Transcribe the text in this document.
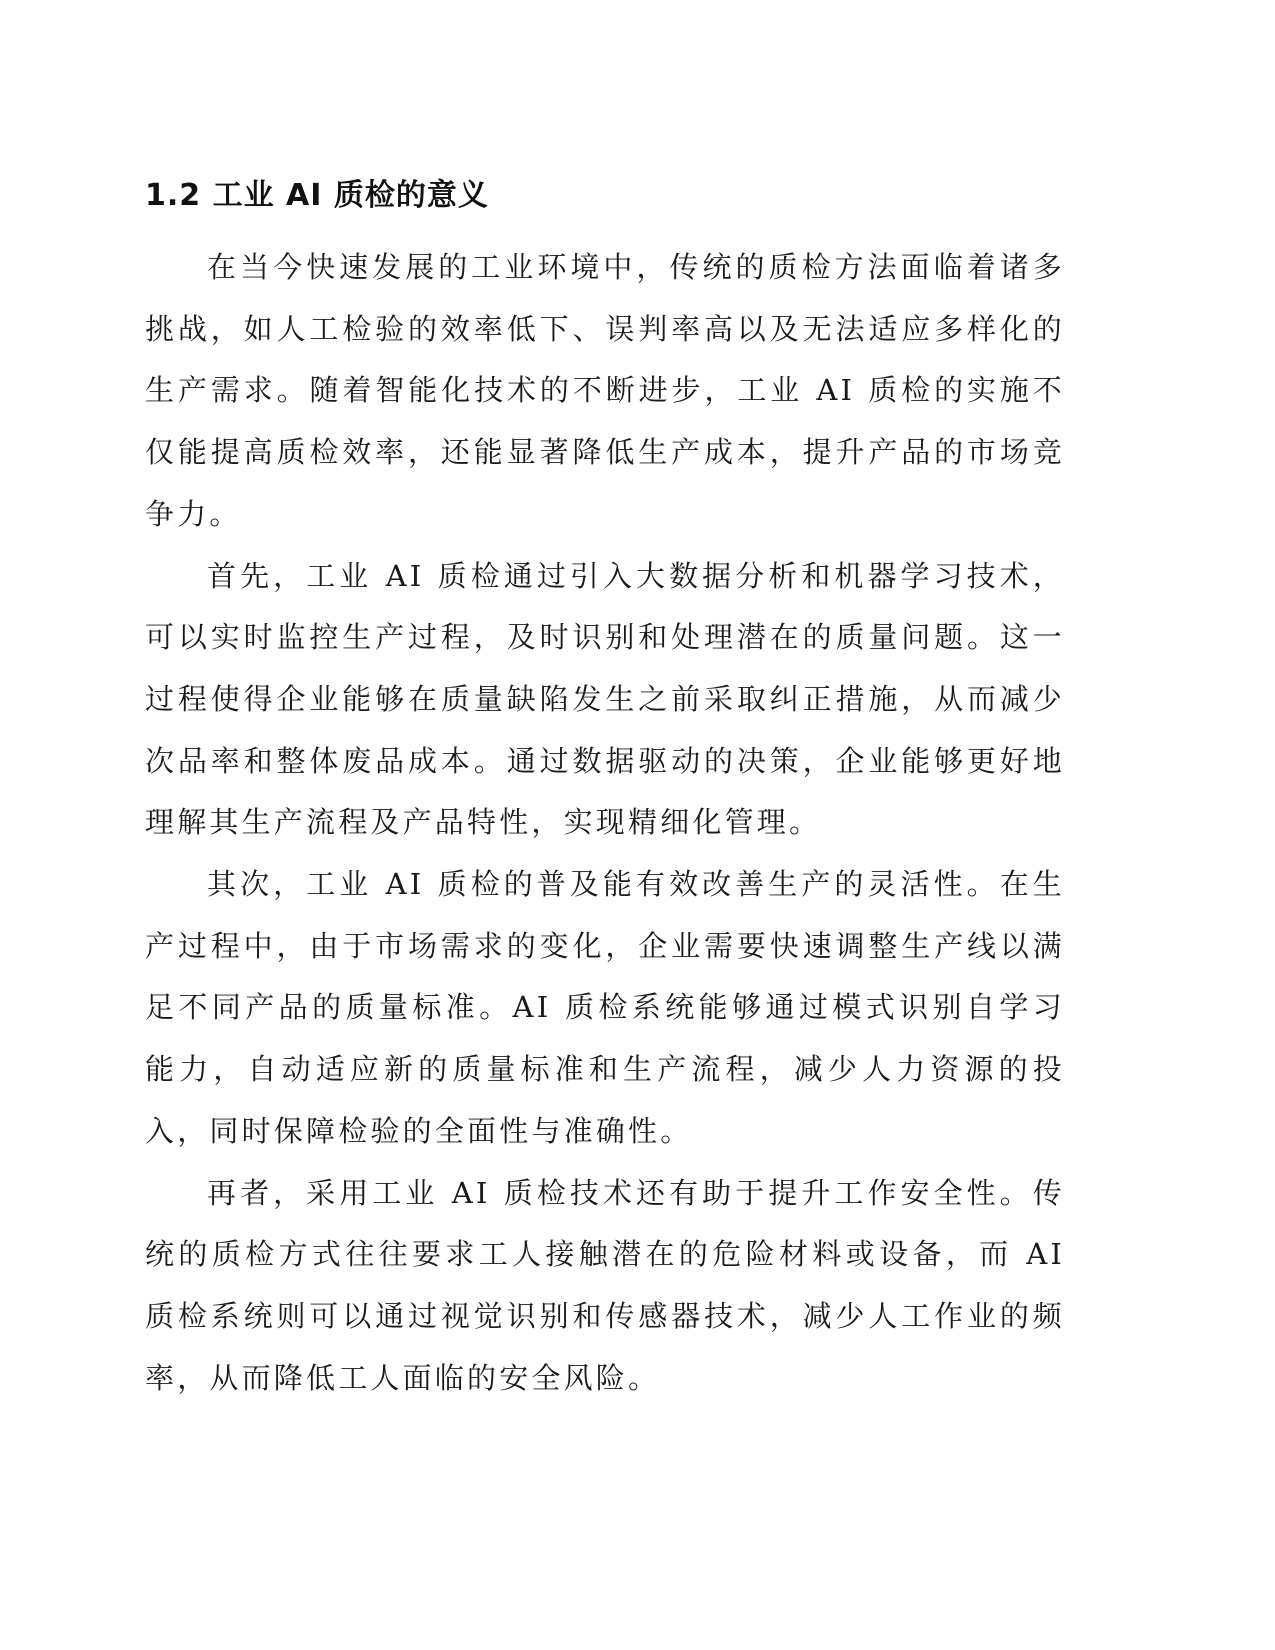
1.2 工业 AI 质检的意义

在当今快速发展的工业环境中，传统的质检方法面临着诸多挑战，如人工检验的效率低下、误判率高以及无法适应多样化的生产需求。随着智能化技术的不断进步，工业 AI 质检的实施不仅能提高质检效率，还能显著降低生产成本，提升产品的市场竞争力。

首先，工业 AI 质检通过引入大数据分析和机器学习技术，可以实时监控生产过程，及时识别和处理潜在的质量问题。这一过程使得企业能够在质量缺陷发生之前采取纠正措施，从而减少次品率和整体废品成本。通过数据驱动的决策，企业能够更好地理解其生产流程及产品特性，实现精细化管理。

其次，工业 AI 质检的普及能有效改善生产的灵活性。在生产过程中，由于市场需求的变化，企业需要快速调整生产线以满足不同产品的质量标准。AI 质检系统能够通过模式识别自学习能力，自动适应新的质量标准和生产流程，减少人力资源的投入，同时保障检验的全面性与准确性。

再者，采用工业 AI 质检技术还有助于提升工作安全性。传统的质检方式往往要求工人接触潜在的危险材料或设备，而 AI 质检系统则可以通过视觉识别和传感器技术，减少人工作业的频率，从而降低工人面临的安全风险。
